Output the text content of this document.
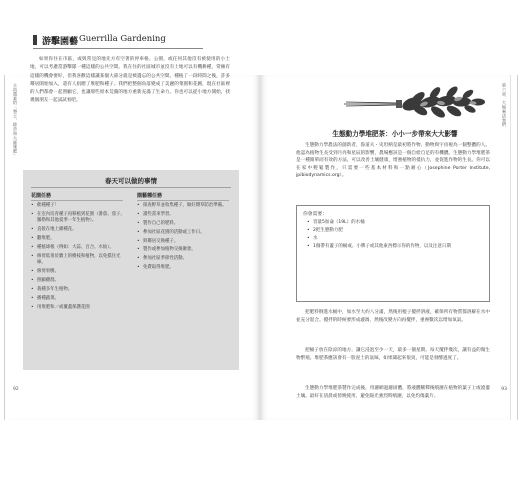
主流農業的「墾土、除草和大量施肥」
92
第六章．大地養活我們
93
游擊園藝 Guerrilla Gardening
如果你住在市區，或與常見的地先方有空著的停車格、公園，或任何其他沒有被使用的小土地，可以考慮當游擊隊一種這樣的公共空間。我在住的社區城市並沒有土地可以有機耕種，常擁有這樣的機會要好，但我喜歡這樣讓某個大部分就是被遺忘的公共空間。種植了一段時間之後，許多鄰居開始加入，還有人捐贈了堆肥和種子。我們把整個角落變成了美麗的菜園和花圃，現在社區裡的人們都會一起照顧它，也讓那些原本荒蕪的地方重新充滿了生命力。你也可以從小地方開始，找幾個朋友一起試試看吧。
春天可以做的事情
花園任務
• 催種種子！
• 在室內培育種子再移植到花園（番茄、茄子、羅勒和其他夏季一年生植物）。
• 直接在地上播種花。
• 翻堆肥。
• 種植球根（例如：大蒜、百合、水仙）。
• 修剪低垂於牆上的樹枝和植物，以免擋住光線。
• 修剪果樹。
• 照顧雞群。
• 栽種多年生植物。
• 播種蔬菜。
• 用堆肥和／或覆蓋保護花園
園藝種任務
• 探查野草並收集種子，做好雜草防治準備。
• 讀些書來學習。
• 製作自己的肥料。
• 參加社區花園的活動或工作日。
• 與鄰居交換種子。
• 製作或參加植物交換聚會。
• 參加社區季節性活動。
• 免費取得堆肥。
生態動力學堆肥茶：小小一步帶來大大影響
生態動力學農法的創新者，魯道夫・史坦納是最初將作物、動物與宇宙視為一個整體的人。他認為植物生長受到月亮和星辰的影響，農場應該是一個自給自足的有機體。生態動力學堆肥茶是一種簡單而有效的方法，可以改善土壤健康，增強植物的抵抗力，並促進作物的生長。你可以在家中輕鬆製作，只需要一些基本材料和一點耐心（Josephine Porter Institute, jpibiodynamics.org）。
你會需要：
• 容量5加侖（19L）的水桶
• 2把生態動力肥
• 水
• 1個帶有蓋子的桶或、小牌子或其他東西標示你的作物，以及注意日期
把肥料倒進水桶中，加水至大約八分滿，然後用棍子攪拌溶液，確保所有物質都溶解在水中並充分混合。攪拌的時候要形成漩渦，然後改變方向再攪拌，重複數次以增加氧氣。
把桶子放在陰涼的地方，讓它浸泡至少一天，最多一個星期。每天攪拌幾次，讓有益的微生物繁殖。堆肥茶應該會有一股泥土的氣味，如果聞起來很臭，可能是發酵過度了。
生態動力學堆肥茶製作完成後，用濾網過濾固體，將液體稀釋後噴灑在植物的葉子上或澆灌土壤。最好在清晨或傍晚使用，避免陽光強烈時噴灑，以免灼傷葉片。
